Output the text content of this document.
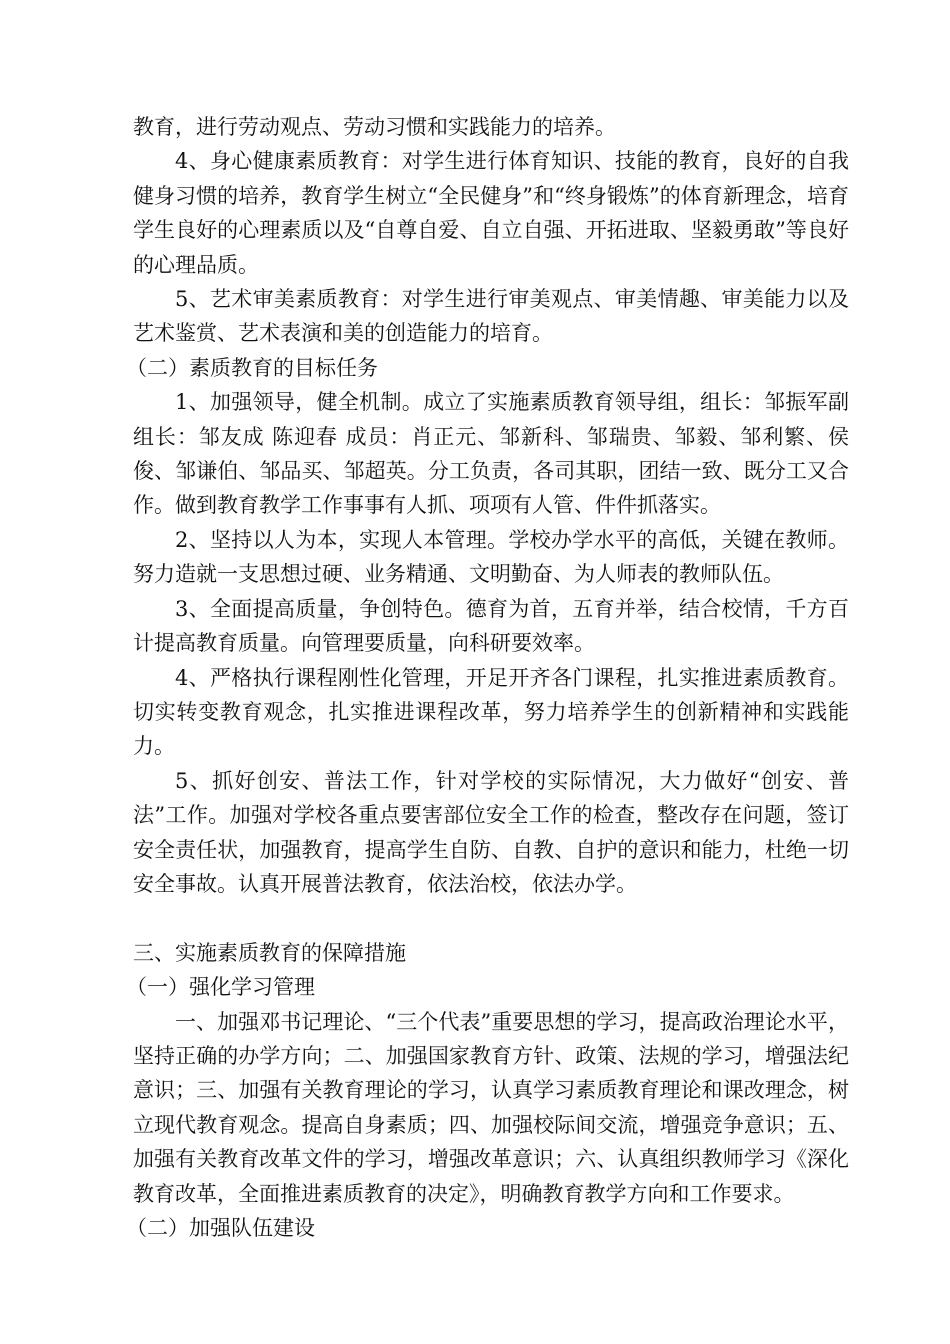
教育，进行劳动观点、劳动习惯和实践能力的培养。

4、身心健康素质教育：对学生进行体育知识、技能的教育，良好的自我健身习惯的培养，教育学生树立“全民健身”和“终身锻炼”的体育新理念，培育学生良好的心理素质以及“自尊自爱、自立自强、开拓进取、坚毅勇敢”等良好的心理品质。

5、艺术审美素质教育：对学生进行审美观点、审美情趣、审美能力以及艺术鉴赏、艺术表演和美的创造能力的培育。

（二）素质教育的目标任务

1、加强领导，健全机制。成立了实施素质教育领导组，组长：邹振军副组长：邹友成 陈迎春 成员：肖正元、邹新科、邹瑞贵、邹毅、邹利繁、侯俊、邹谦伯、邹品买、邹超英。分工负责，各司其职，团结一致、既分工又合作。做到教育教学工作事事有人抓、项项有人管、件件抓落实。

2、坚持以人为本，实现人本管理。学校办学水平的高低，关键在教师。努力造就一支思想过硬、业务精通、文明勤奋、为人师表的教师队伍。

3、全面提高质量，争创特色。德育为首，五育并举，结合校情，千方百计提高教育质量。向管理要质量，向科研要效率。

4、严格执行课程刚性化管理，开足开齐各门课程，扎实推进素质教育。切实转变教育观念，扎实推进课程改革，努力培养学生的创新精神和实践能力。

5、抓好创安、普法工作，针对学校的实际情况，大力做好“创安、普法”工作。加强对学校各重点要害部位安全工作的检查，整改存在问题，签订安全责任状，加强教育，提高学生自防、自教、自护的意识和能力，杜绝一切安全事故。认真开展普法教育，依法治校，依法办学。

三、实施素质教育的保障措施

（一）强化学习管理

一、加强邓书记理论、“三个代表”重要思想的学习，提高政治理论水平，坚持正确的办学方向；二、加强国家教育方针、政策、法规的学习，增强法纪意识；三、加强有关教育理论的学习，认真学习素质教育理论和课改理念，树立现代教育观念。提高自身素质；四、加强校际间交流，增强竞争意识；五、加强有关教育改革文件的学习，增强改革意识；六、认真组织教师学习《深化教育改革，全面推进素质教育的决定》，明确教育教学方向和工作要求。

（二）加强队伍建设
